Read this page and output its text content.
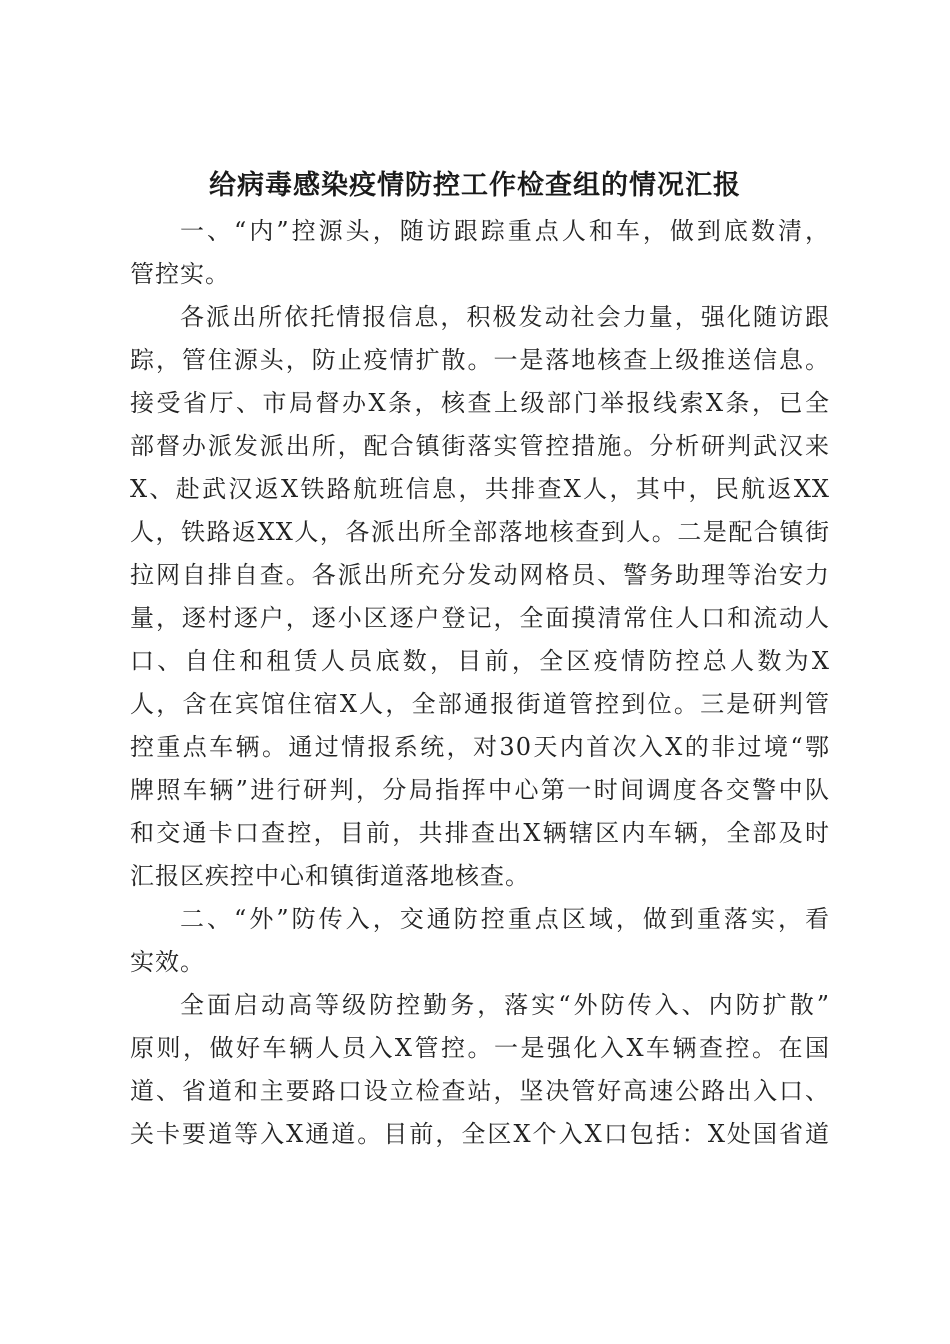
给病毒感染疫情防控工作检查组的情况汇报
一、“内”控源头，随访跟踪重点人和车，做到底数清，
管控实。
各派出所依托情报信息，积极发动社会力量，强化随访跟
踪，管住源头，防止疫情扩散。一是落地核查上级推送信息。
接受省厅、市局督办X条，核查上级部门举报线索X条，已全
部督办派发派出所，配合镇街落实管控措施。分析研判武汉来
X、赴武汉返X铁路航班信息，共排查X人，其中，民航返XX
人，铁路返XX人，各派出所全部落地核查到人。二是配合镇街
拉网自排自查。各派出所充分发动网格员、警务助理等治安力
量，逐村逐户，逐小区逐户登记，全面摸清常住人口和流动人
口、自住和租赁人员底数，目前，全区疫情防控总人数为X
人，含在宾馆住宿X人，全部通报街道管控到位。三是研判管
控重点车辆。通过情报系统，对30天内首次入X的非过境“鄂
牌照车辆”进行研判，分局指挥中心第一时间调度各交警中队
和交通卡口查控，目前，共排查出X辆辖区内车辆，全部及时
汇报区疾控中心和镇街道落地核查。
二、“外”防传入，交通防控重点区域，做到重落实，看
实效。
全面启动高等级防控勤务，落实“外防传入、内防扩散”
原则，做好车辆人员入X管控。一是强化入X车辆查控。在国
道、省道和主要路口设立检查站，坚决管好高速公路出入口、
关卡要道等入X通道。目前，全区X个入X口包括：X处国省道
